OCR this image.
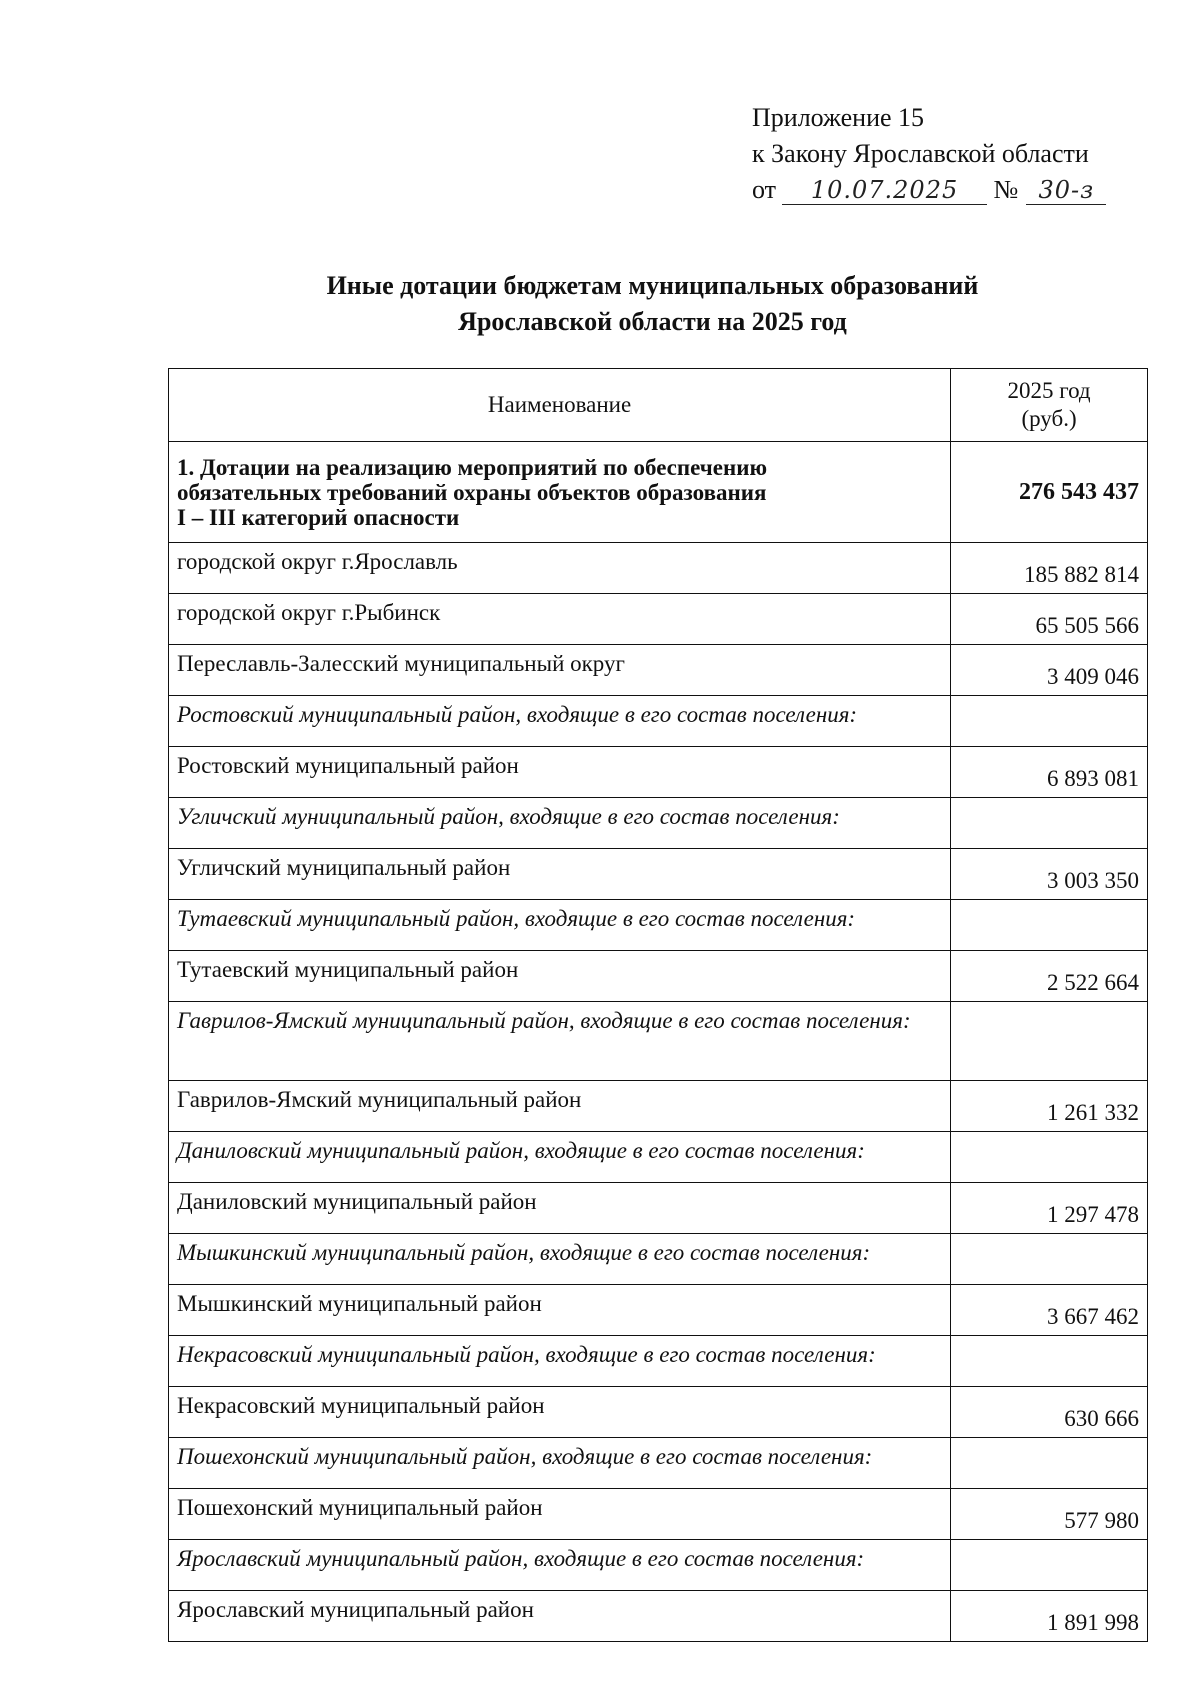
Приложение 15
к Закону Ярославской области
от 10.07.2025 № 30-з
Иные дотации бюджетам муниципальных образований
Ярославской области на 2025 год
Наименование	2025 год
(руб.)

1. Дотации на реализацию мероприятий по обеспечению
обязательных требований охраны объектов образования
I – III категорий опасности	276 543 437
городской округ г.Ярославль	185 882 814
городской округ г.Рыбинск	65 505 566
Переславль-Залесский муниципальный округ	3 409 046
Ростовский муниципальный район, входящие в его состав поселения:	
Ростовский муниципальный район	6 893 081
Угличский муниципальный район, входящие в его состав поселения:	
Угличский муниципальный район	3 003 350
Тутаевский муниципальный район, входящие в его состав поселения:	
Тутаевский муниципальный район	2 522 664
Гаврилов-Ямский муниципальный район, входящие в его состав поселения:	
Гаврилов-Ямский муниципальный район	1 261 332
Даниловский муниципальный район, входящие в его состав поселения:	
Даниловский муниципальный район	1 297 478
Мышкинский муниципальный район, входящие в его состав поселения:	
Мышкинский муниципальный район	3 667 462
Некрасовский муниципальный район, входящие в его состав поселения:	
Некрасовский муниципальный район	630 666
Пошехонский муниципальный район, входящие в его состав поселения:	
Пошехонский муниципальный район	577 980
Ярославский муниципальный район, входящие в его состав поселения:	
Ярославский муниципальный район	1 891 998
